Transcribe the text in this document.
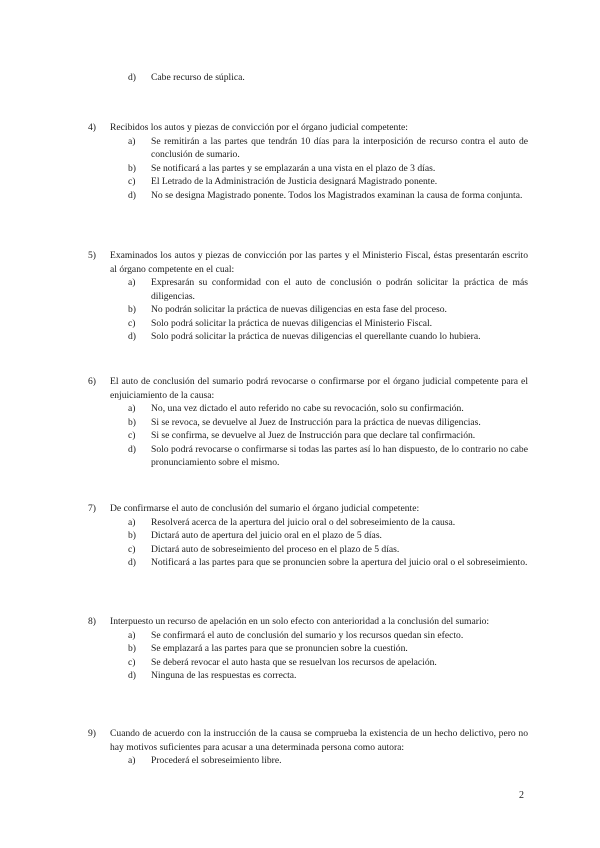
d)	Cabe recurso de súplica.
4)	Recibidos los autos y piezas de convicción por el órgano judicial competente:
a)	Se remitirán a las partes que tendrán 10 días para la interposición de recurso contra el auto de conclusión de sumario.
b)	Se notificará a las partes y se emplazarán a una vista en el plazo de 3 días.
c)	El Letrado de la Administración de Justicia designará Magistrado ponente.
d)	No se designa Magistrado ponente. Todos los Magistrados examinan la causa de forma conjunta.
5)	Examinados los autos y piezas de convicción por las partes y el Ministerio Fiscal, éstas presentarán escrito al órgano competente en el cual:
a)	Expresarán su conformidad con el auto de conclusión o podrán solicitar la práctica de más diligencias.
b)	No podrán solicitar la práctica de nuevas diligencias en esta fase del proceso.
c)	Solo podrá solicitar la práctica de nuevas diligencias el Ministerio Fiscal.
d)	Solo podrá solicitar la práctica de nuevas diligencias el querellante cuando lo hubiera.
6)	El auto de conclusión del sumario podrá revocarse o confirmarse por el órgano judicial competente para el enjuiciamiento de la causa:
a)	No, una vez dictado el auto referido no cabe su revocación, solo su confirmación.
b)	Si se revoca, se devuelve al Juez de Instrucción para la práctica de nuevas diligencias.
c)	Si se confirma, se devuelve al Juez de Instrucción para que declare tal confirmación.
d)	Solo podrá revocarse o confirmarse si todas las partes así lo han dispuesto, de lo contrario no cabe pronunciamiento sobre el mismo.
7)	De confirmarse el auto de conclusión del sumario el órgano judicial competente:
a)	Resolverá acerca de la apertura del juicio oral o del sobreseimiento de la causa.
b)	Dictará auto de apertura del juicio oral en el plazo de 5 días.
c)	Dictará auto de sobreseimiento del proceso en el plazo de 5 días.
d)	Notificará a las partes para que se pronuncien sobre la apertura del juicio oral o el sobreseimiento.
8)	Interpuesto un recurso de apelación en un solo efecto con anterioridad a la conclusión del sumario:
a)	Se confirmará el auto de conclusión del sumario y los recursos quedan sin efecto.
b)	Se emplazará a las partes para que se pronuncien sobre la cuestión.
c)	Se deberá revocar el auto hasta que se resuelvan los recursos de apelación.
d)	Ninguna de las respuestas es correcta.
9)	Cuando de acuerdo con la instrucción de la causa se comprueba la existencia de un hecho delictivo, pero no hay motivos suficientes para acusar a una determinada persona como autora:
a)	Procederá el sobreseimiento libre.
2
